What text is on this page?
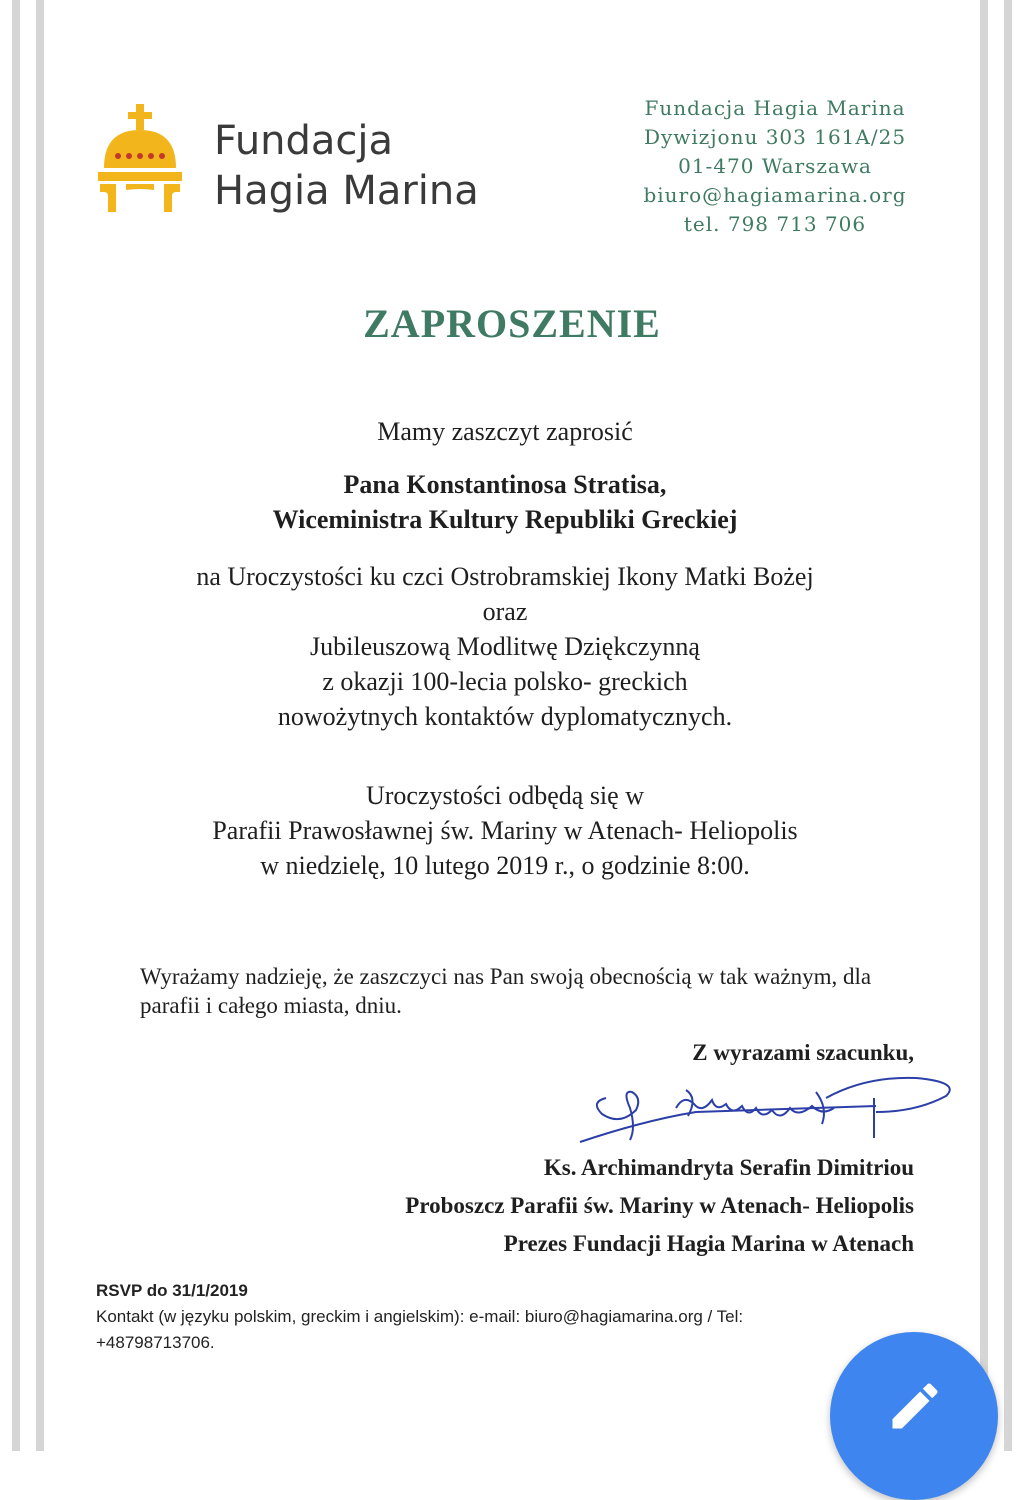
Fundacja
Hagia Marina
Fundacja Hagia Marina
Dywizjonu 303 161A/25
01-470 Warszawa
biuro@hagiamarina.org
tel. 798 713 706
ZAPROSZENIE
Mamy zaszczyt zaprosić
Pana Konstantinosa Stratisa,
Wiceministra Kultury Republiki Greckiej
na Uroczystości ku czci Ostrobramskiej Ikony Matki Bożej
oraz
Jubileuszową Modlitwę Dziękczynną
z okazji 100-lecia polsko- greckich
nowożytnych kontaktów dyplomatycznych.
Uroczystości odbędą się w
Parafii Prawosławnej św. Mariny w Atenach- Heliopolis
w niedzielę, 10 lutego 2019 r., o godzinie 8:00.
Wyrażamy nadzieję, że zaszczyci nas Pan swoją obecnością w tak ważnym, dla parafii i całego miasta, dniu.
Z wyrazami szacunku,
Ks. Archimandryta Serafin Dimitriou
Proboszcz Parafii św. Mariny w Atenach- Heliopolis
Prezes Fundacji Hagia Marina w Atenach
RSVP do 31/1/2019
Kontakt (w języku polskim, greckim i angielskim): e-mail: biuro@hagiamarina.org / Tel: +48798713706.
